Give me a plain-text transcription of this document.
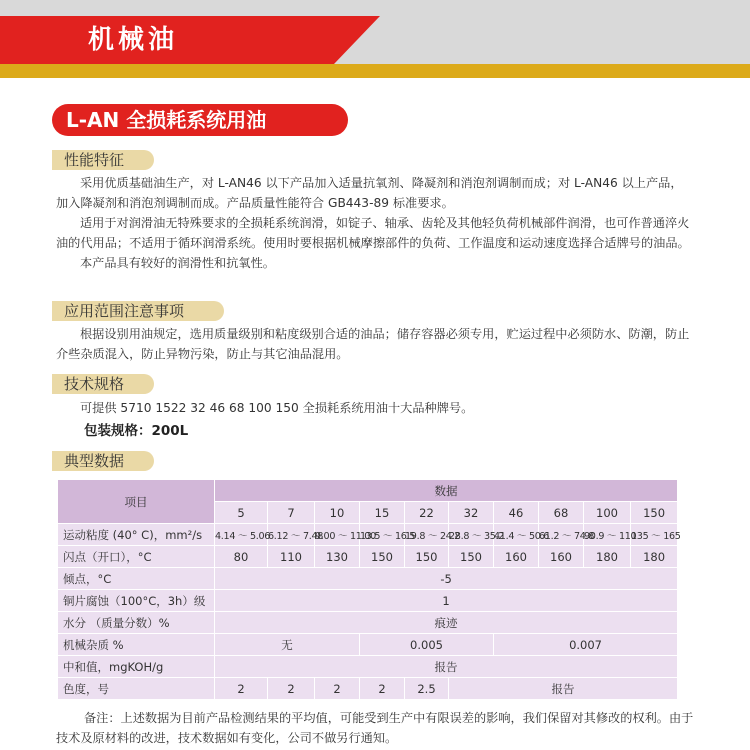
机械油
L-AN 全损耗系统用油
性能特征

采用优质基础油生产，对 L-AN46 以下产品加入适量抗氧剂、降凝剂和消泡剂调制而成；对 L-AN46 以上产品，加入降凝剂和消泡剂调制而成。产品质量性能符合 GB443-89 标准要求。

适用于对润滑油无特殊要求的全损耗系统润滑，如锭子、轴承、齿轮及其他轻负荷机械部件润滑，也可作普通淬火油的代用品；不适用于循环润滑系统。使用时要根据机械摩擦部件的负荷、工作温度和运动速度选择合适牌号的油品。

本产品具有较好的润滑性和抗氧性。

应用范围注意事项

根据设别用油规定，选用质量级别和粘度级别合适的油品；储存容器必须专用，贮运过程中必须防水、防潮，防止介些杂质混入，防止异物污染，防止与其它油品混用。

技术规格

可提供 5710 1522 32 46 68 100 150 全损耗系统用油十大品种牌号。

包装规格：200L
典型数据
项目	数据									
	5	7	10	15	22	32	46	68	100	150
运动粘度 (40° C)，mm²/s	4.14 ～ 5.06	6.12 ～ 7.48	9.00 ～ 11.00	13.5 ～ 16.5	19.8 ～ 24.2	28.8 ～ 35.2	41.4 ～ 50.6	61.2 ～ 74.8	90.9 ～ 110	135 ～ 165
闪点（开口），°C	80	110	130	150	150	150	160	160	180	180
倾点，°C	-5									
铜片腐蚀（100°C，3h）级	1									
水分 （质量分数）%	痕迹									
机械杂质 %	无			0.005			0.007			
中和值，mgKOH/g	报告									
色度，号	2	2	2	2	2.5	报告				

备注：上述数据为目前产品检测结果的平均值，可能受到生产中有限误差的影响，我们保留对其修改的权利。由于技术及原材料的改进，技术数据如有变化，公司不做另行通知。
